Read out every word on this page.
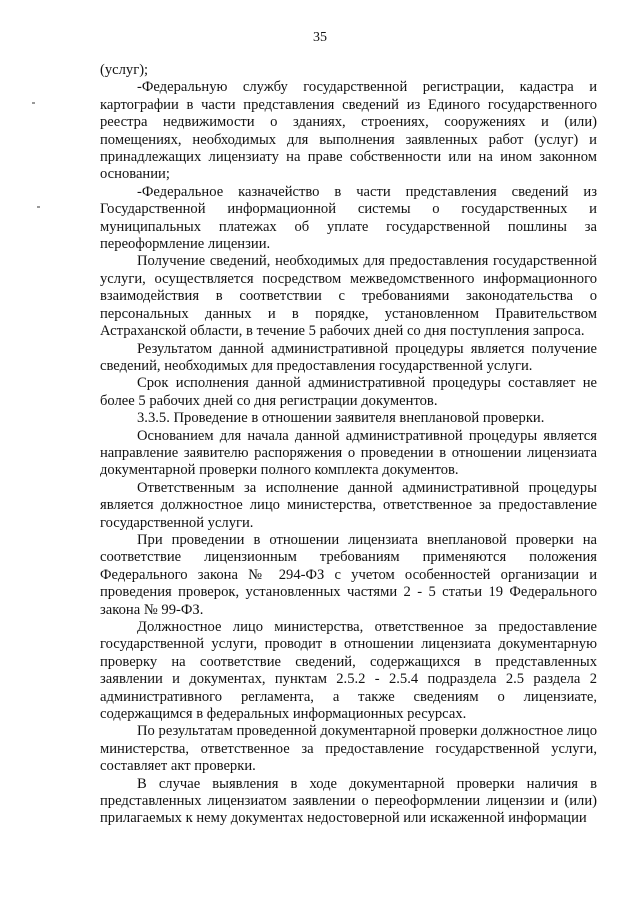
35

(услуг);

-Федеральную службу государственной регистрации, кадастра и картографии в части представления сведений из Единого государственного реестра недвижимости о зданиях, строениях, сооружениях и (или) помещениях, необходимых для выполнения заявленных работ (услуг) и принадлежащих лицензиату на праве собственности или на ином законном основании;

-Федеральное казначейство в части представления сведений из Государственной информационной системы о государственных и муниципальных платежах об уплате государственной пошлины за переоформление лицензии.

Получение сведений, необходимых для предоставления государственной услуги, осуществляется посредством межведомственного информационного взаимодействия в соответствии с требованиями законодательства о персональных данных и в порядке, установленном Правительством Астраханской области, в течение 5 рабочих дней со дня поступления запроса.

Результатом данной административной процедуры является получение сведений, необходимых для предоставления государственной услуги.

Срок исполнения данной административной процедуры составляет не более 5 рабочих дней со дня регистрации документов.

3.3.5. Проведение в отношении заявителя внеплановой проверки.

Основанием для начала данной административной процедуры является направление заявителю распоряжения о проведении в отношении лицензиата документарной проверки полного комплекта документов.

Ответственным за исполнение данной административной процедуры является должностное лицо министерства, ответственное за предоставление государственной услуги.

При проведении в отношении лицензиата внеплановой проверки на соответствие лицензионным требованиям применяются положения Федерального закона № 294-ФЗ с учетом особенностей организации и проведения проверок, установленных частями 2 - 5 статьи 19 Федерального закона № 99-ФЗ.

Должностное лицо министерства, ответственное за предоставление государственной услуги, проводит в отношении лицензиата документарную проверку на соответствие сведений, содержащихся в представленных заявлении и документах, пунктам 2.5.2 - 2.5.4 подраздела 2.5 раздела 2 административного регламента, а также сведениям о лицензиате, содержащимся в федеральных информационных ресурсах.

По результатам проведенной документарной проверки должностное лицо министерства, ответственное за предоставление государственной услуги, составляет акт проверки.

В случае выявления в ходе документарной проверки наличия в представленных лицензиатом заявлении о переоформлении лицензии и (или) прилагаемых к нему документах недостоверной или искаженной информации
